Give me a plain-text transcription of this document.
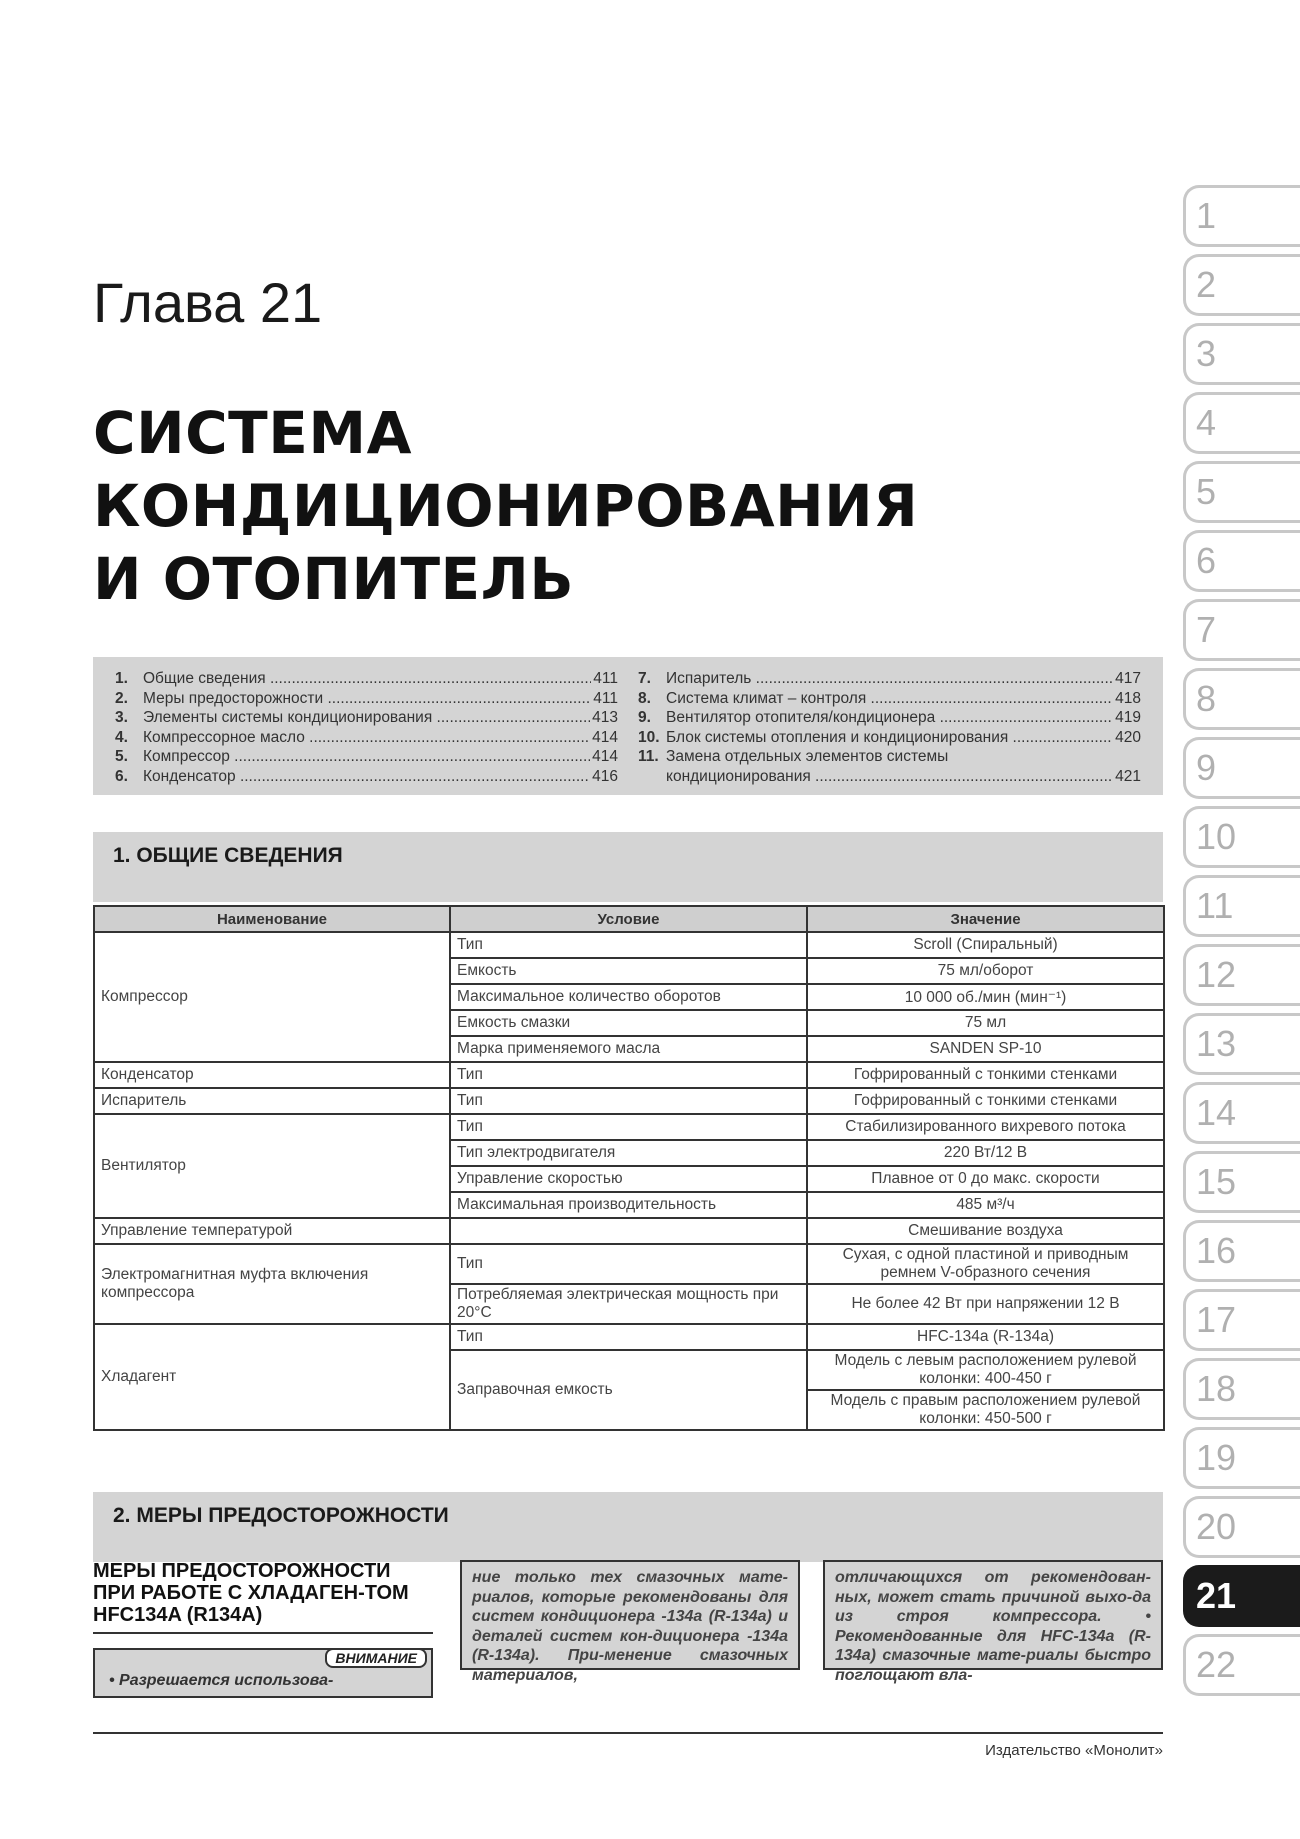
Глава 21
СИСТЕМА
КОНДИЦИОНИРОВАНИЯ
И ОТОПИТЕЛЬ
1
2
3
4
5
6
7
8
9
10
11
12
13
14
15
16
17
18
19
20
21
22
1. Общие сведения .....	411
2. Меры предосторожности .....	411
3. Элементы системы кондиционирования .....	413
4. Компрессорное масло .....	414
5. Компрессор .....	414
6. Конденсатор .....	416
7. Испаритель .....	417
8. Система климат – контроля .....	418
9. Вентилятор отопителя/кондиционера .....	419
10. Блок системы отопления и кондиционирования .....	420
11. Замена отдельных элементов системы
кондиционирования .....	421
1. ОБЩИЕ СВЕДЕНИЯ
Наименование	Условие	Значение
Компрессор	Тип	Scroll (Спиральный)
	Емкость	75 мл/оборот
	Максимальное количество оборотов	10 000 об./мин (мин⁻¹)
	Емкость смазки	75 мл
	Марка применяемого масла	SANDEN SP-10
Конденсатор	Тип	Гофрированный с тонкими стенками
Испаритель	Тип	Гофрированный с тонкими стенками
Вентилятор	Тип	Стабилизированного вихревого потока
	Тип электродвигателя	220 Вт/12 В
	Управление скоростью	Плавное от 0 до макс. скорости
	Максимальная производительность	485 м³/ч
Управление температурой		Смешивание воздуха
Электромагнитная муфта включения компрессора	Тип	Сухая, с одной пластиной и приводным ремнем V-образного сечения
	Потребляемая электрическая мощность при 20°С	Не более 42 Вт при напряжении 12 В
Хладагент	Тип	HFC-134a (R-134a)
	Заправочная емкость	Модель с левым расположением рулевой колонки: 400-450 г
		Модель с правым расположением рулевой колонки: 450-500 г
2. МЕРЫ ПРЕДОСТОРОЖНОСТИ
МЕРЫ ПРЕДОСТОРОЖНОСТИ ПРИ РАБОТЕ С ХЛАДАГЕН-ТОМ HFC134A (R134A)
ВНИМАНИЕ
• Разрешается использова-
ние только тех смазочных мате-риалов, которые рекомендованы для систем кондиционера -134a (R-134a) и деталей систем кон-диционера -134a (R-134a). При-менение смазочных материалов,
отличающихся от рекомендован-ных, может стать причиной выхо-да из строя компрессора. • Рекомендованные для HFC-134a (R-134a) смазочные мате-риалы быстро поглощают вла-
Издательство «Монолит»
